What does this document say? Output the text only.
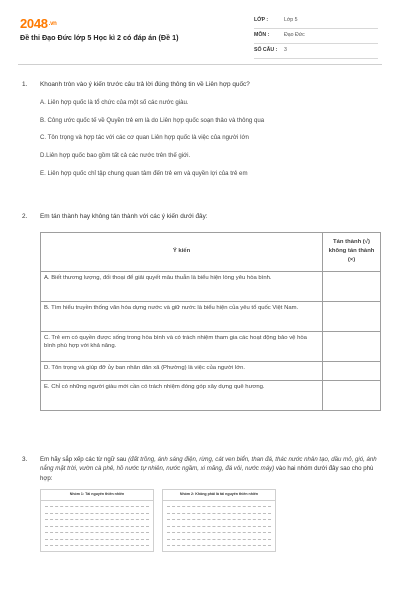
2048.vn
Đề thi Đạo Đức lớp 5 Học kì 2 có đáp án (Đề 1)
LỚP :	Lớp 5
MÔN :	Đạo Đức
SỐ CÂU :	3
1. Khoanh tròn vào ý kiến trước câu trả lời đúng thông tin về Liên hợp quốc?
A. Liên hợp quốc là tổ chức của một số các nước giàu.
B. Công ước quốc tế về Quyền trẻ em là do Liên hợp quốc soạn thảo và thông qua
C. Tôn trọng và hợp tác với các cơ quan Liên hợp quốc là việc của người lớn
D.Liên hợp quốc bao gồm tất cả các nước trên thế giới.
E. Liên hợp quốc chỉ tập chung quan tâm đến trẻ em và quyền lợi của trẻ em
2. Em tán thành hay không tán thành với các ý kiến dưới đây:
Ý kiến	Tán thành (√) không tán thành (×)
A. Biết thương lượng, đối thoại để giải quyết mâu thuẫn là biểu hiện lòng yêu hòa bình.	
B. Tìm hiểu truyền thống văn hóa dựng nước và giữ nước là biểu hiện của yêu tổ quốc Việt Nam.	
C. Trẻ em có quyền được sống trong hòa bình và có trách nhiệm tham gia các hoạt động bảo vệ hòa bình phù hợp với khả năng.	
D. Tôn trọng và giúp đỡ ủy ban nhân dân xã (Phường) là việc của người lớn.	
E. Chỉ có những người giàu mới cần có trách nhiệm đóng góp xây dựng quê hương.	
3. Em hãy sắp xếp các từ ngữ sau (đất trồng, ánh sáng điện, rừng, cát ven biển, than đá, thác nước nhân tạo, dầu mỏ, gió, ánh nắng mặt trời, vườn cà phê, hồ nước tự nhiên, nước ngầm, xi măng, đá vôi, nước máy) vào hai nhóm dưới đây sao cho phù hợp:
Nhóm 1: Tài nguyên thiên nhiên	Nhóm 2: Không phải là tài nguyên thiên nhiên
